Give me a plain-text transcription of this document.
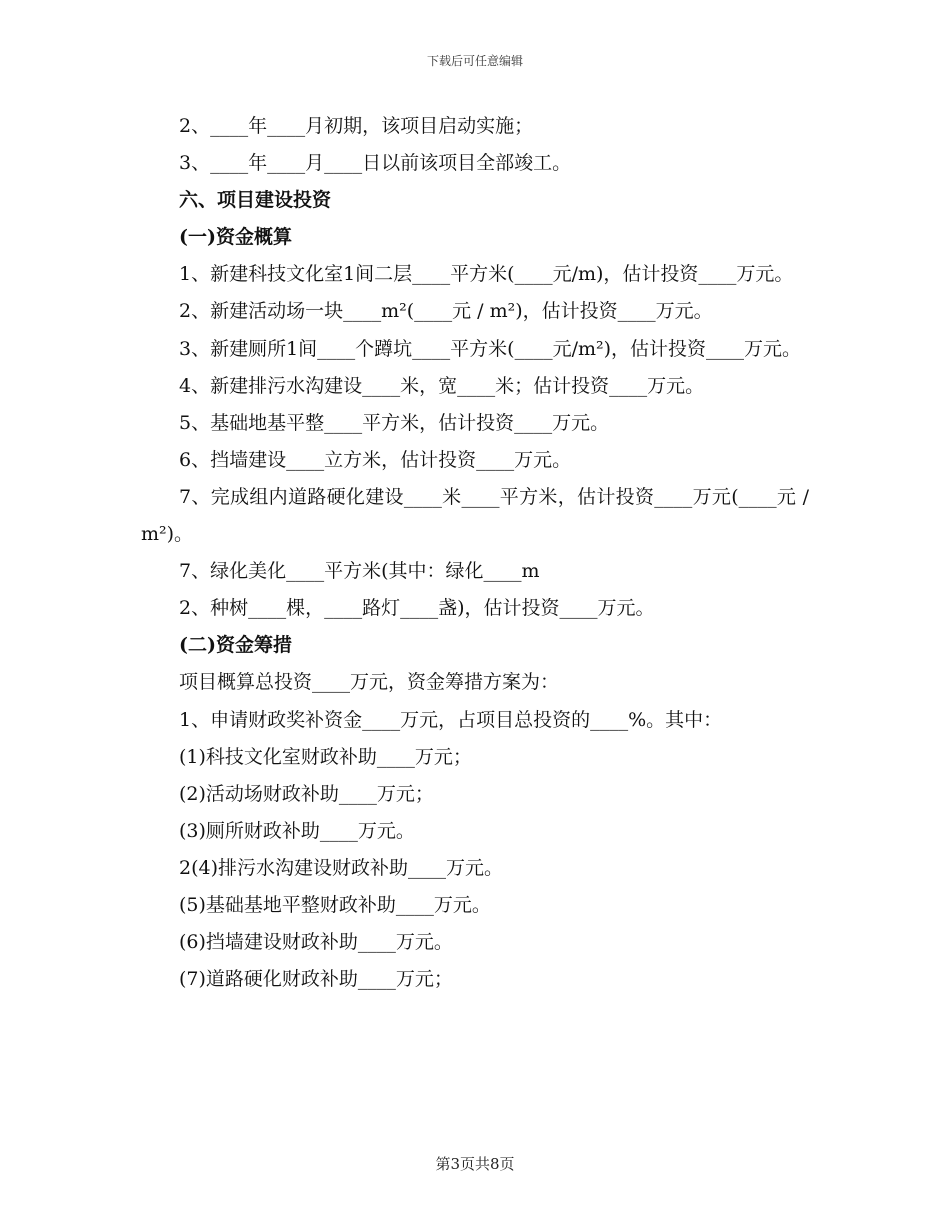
下载后可任意编辑

2、____年____月初期，该项目启动实施；

3、____年____月____日以前该项目全部竣工。

六、项目建设投资

(一)资金概算

1、新建科技文化室1间二层____平方米(____元/m)，估计投资____万元。

2、新建活动场一块____m²(____元 / m²)，估计投资____万元。

3、新建厕所1间____个蹲坑____平方米(____元/m²)，估计投资____万元。

4、新建排污水沟建设____米，宽____米；估计投资____万元。

5、基础地基平整____平方米，估计投资____万元。

6、挡墙建设____立方米，估计投资____万元。

7、完成组内道路硬化建设____米____平方米，估计投资____万元(____元 / m²)。

7、绿化美化____平方米(其中：绿化____m

2、种树____棵，____路灯____盏)，估计投资____万元。

(二)资金筹措

项目概算总投资____万元，资金筹措方案为：

1、申请财政奖补资金____万元，占项目总投资的____%。其中：

(1)科技文化室财政补助____万元；

(2)活动场财政补助____万元；

(3)厕所财政补助____万元。

2(4)排污水沟建设财政补助____万元。

(5)基础基地平整财政补助____万元。

(6)挡墙建设财政补助____万元。

(7)道路硬化财政补助____万元；

第3页共8页
